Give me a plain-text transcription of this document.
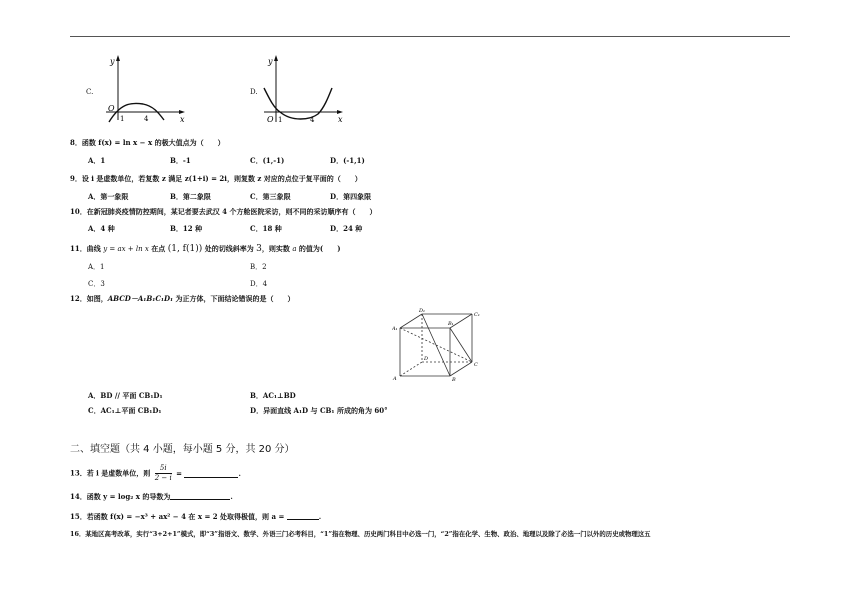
C.
y
x
O
1	4
D.
y
x
O 1	4
8．函数 f(x) = ln x − x 的极大值点为（　　）
A．1	B．-1	C．(1,-1)	D．(-1,1)
9．设 i 是虚数单位，若复数 z 满足 z(1+i) = 2i，则复数 z 对应的点位于复平面的（　　）
A．第一象限	B．第二象限	C．第三象限	D．第四象限
10．在新冠肺炎疫情防控期间，某记者要去武汉 4 个方舱医院采访，则不同的采访顺序有（　　）
A．4 种	B．12 种	C．18 种	D．24 种
11．曲线 y = ax + ln x 在点 (1, f(1)) 处的切线斜率为 3，则实数 a 的值为(　　)
A．1	B．2
C．3	D．4
12．如图，ABCD－A₁B₁C₁D₁ 为正方体，下面结论错误的是（　　）
D₁
C₁
A₁
B₁
D
C
A	B
A．BD // 平面 CB₁D₁	B．AC₁⊥BD
C．AC₁⊥平面 CB₁D₁	D．异面直线 A₁D 与 CB₁ 所成的角为 60°
二、填空题（共 4 小题，每小题 5 分，共 20 分）
13．若 i 是虚数单位，则 $\frac{5i}{2 - i}$ =	.
14．函数 y = log₂ x 的导数为	.
15．若函数 f(x) = −x³ + ax² − 4 在 x = 2 处取得极值，则 a =	.
16．某地区高考改革，实行“3+2+1”模式，即“3”指语文、数学、外语三门必考科目，“1”指在物理、历史两门科目中必选一门，“2”指在化学、生物、政治、地理以及除了必选一门以外的历史或物理这五
